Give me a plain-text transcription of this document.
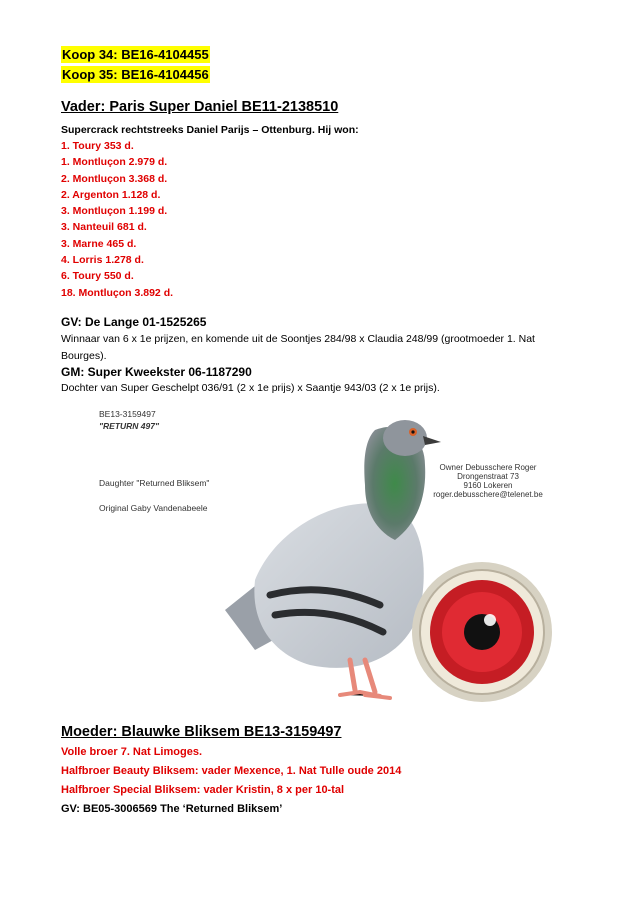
Koop 34: BE16-4104455
Koop 35: BE16-4104456
Vader: Paris Super Daniel BE11-2138510
Supercrack rechtstreeks Daniel Parijs – Ottenburg. Hij won:
1. Toury 353 d.
1. Montluçon 2.979 d.
2. Montluçon 3.368 d.
2. Argenton 1.128 d.
3. Montluçon 1.199 d.
3. Nanteuil 681 d.
3. Marne 465 d.
4. Lorris 1.278 d.
6. Toury 550 d.
18. Montluçon 3.892 d.
GV: De Lange 01-1525265
Winnaar van 6 x 1e prijzen, en komende uit de Soontjes 284/98 x Claudia 248/99 (grootmoeder 1. Nat
Bourges).
GM: Super Kweekster 06-1187290
Dochter van Super Geschelpt 036/91 (2 x 1e prijs) x Saantje 943/03 (2 x 1e prijs).
BE13-3159497
"RETURN 497"
Daughter "Returned Bliksem"
Original Gaby Vandenabeele
Owner Debusschere Roger
Drongenstraat 73
9160 Lokeren
roger.debusschere@telenet.be
Moeder: Blauwke Bliksem BE13-3159497
Volle broer 7. Nat Limoges.
Halfbroer Beauty Bliksem: vader Mexence, 1. Nat Tulle oude 2014
Halfbroer Special Bliksem: vader Kristin, 8 x per 10-tal
GV: BE05-3006569 The ‘Returned Bliksem’
